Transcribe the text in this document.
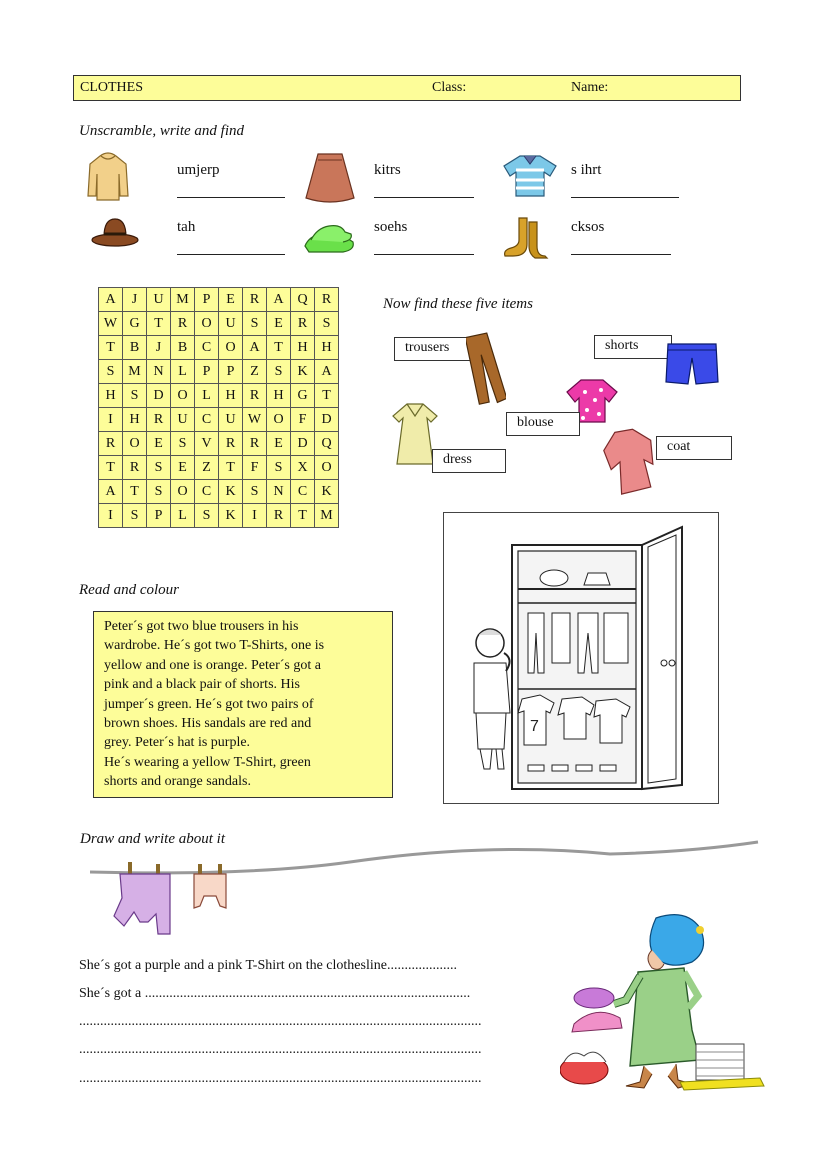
CLOTHES	Class:	Name:
Unscramble, write and find
umjerp	kitrs	s ihrt
tah	soehs	cksos
A	J	U	M	P	E	R	A	Q	R
W	G	T	R	O	U	S	E	R	S
T	B	J	B	C	O	A	T	H	H
S	M	N	L	P	P	Z	S	K	A
H	S	D	O	L	H	R	H	G	T
I	H	R	U	C	U	W	O	F	D
R	O	E	S	V	R	R	E	D	Q
T	R	S	E	Z	T	F	S	X	O
A	T	S	O	C	K	S	N	C	K
I	S	P	L	S	K	I	R	T	M
Now find these five items
trousers	shorts
blouse
dress
coat
7
Read and colour

Peter´s got two blue trousers in his

wardrobe. He´s got two T-Shirts, one is

yellow and one is orange. Peter´s got a

pink and a black pair of shorts. His

jumper´s green. He´s got two pairs of

brown shoes. His sandals are red and

grey. Peter´s hat is purple.

He´s wearing a yellow T-Shirt, green

shorts and orange sandals.

Draw and write about it
She´s got a purple and a pink T-Shirt on the clothesline....................
She´s got a .............................................................................................
...................................................................................................................
...................................................................................................................
...................................................................................................................
